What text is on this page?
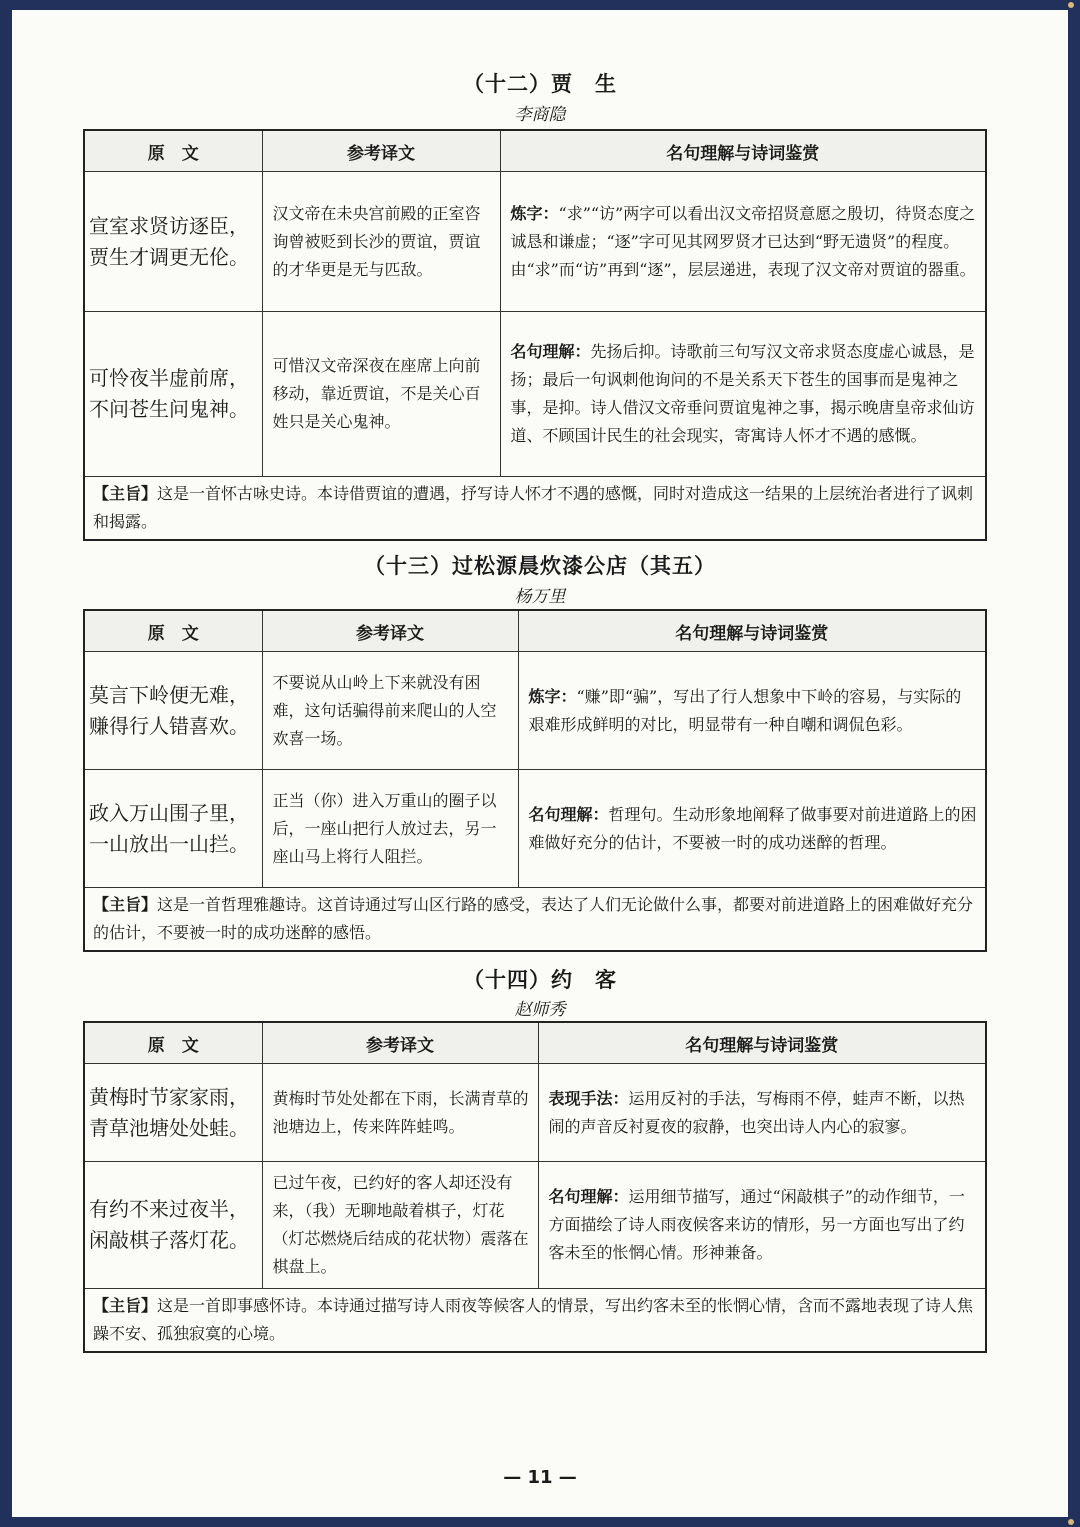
（十二）贾　生
李商隐
原　文	参考译文	名句理解与诗词鉴赏
宣室求贤访逐臣，贾生才调更无伦。	汉文帝在未央宫前殿的正室咨询曾被贬到长沙的贾谊，贾谊的才华更是无与匹敌。	炼字：“求”“访”两字可以看出汉文帝招贤意愿之殷切，待贤态度之诚恳和谦虚；“逐”字可见其网罗贤才已达到“野无遗贤”的程度。由“求”而“访”再到“逐”，层层递进，表现了汉文帝对贾谊的器重。
可怜夜半虚前席，不问苍生问鬼神。	可惜汉文帝深夜在座席上向前移动，靠近贾谊，不是关心百姓只是关心鬼神。	名句理解：先扬后抑。诗歌前三句写汉文帝求贤态度虚心诚恳，是扬；最后一句讽刺他询问的不是关系天下苍生的国事而是鬼神之事，是抑。诗人借汉文帝垂问贾谊鬼神之事，揭示晚唐皇帝求仙访道、不顾国计民生的社会现实，寄寓诗人怀才不遇的感慨。
【主旨】这是一首怀古咏史诗。本诗借贾谊的遭遇，抒写诗人怀才不遇的感慨，同时对造成这一结果的上层统治者进行了讽刺和揭露。		
（十三）过松源晨炊漆公店（其五）
杨万里
原　文	参考译文	名句理解与诗词鉴赏
莫言下岭便无难，赚得行人错喜欢。	不要说从山岭上下来就没有困难，这句话骗得前来爬山的人空欢喜一场。	炼字：“赚”即“骗”，写出了行人想象中下岭的容易，与实际的艰难形成鲜明的对比，明显带有一种自嘲和调侃色彩。
政入万山围子里，一山放出一山拦。	正当（你）进入万重山的圈子以后，一座山把行人放过去，另一座山马上将行人阻拦。	名句理解：哲理句。生动形象地阐释了做事要对前进道路上的困难做好充分的估计，不要被一时的成功迷醉的哲理。
【主旨】这是一首哲理雅趣诗。这首诗通过写山区行路的感受，表达了人们无论做什么事，都要对前进道路上的困难做好充分的估计，不要被一时的成功迷醉的感悟。		
（十四）约　客
赵师秀
原　文	参考译文	名句理解与诗词鉴赏
黄梅时节家家雨，青草池塘处处蛙。	黄梅时节处处都在下雨，长满青草的池塘边上，传来阵阵蛙鸣。	表现手法：运用反衬的手法，写梅雨不停，蛙声不断，以热闹的声音反衬夏夜的寂静，也突出诗人内心的寂寥。
有约不来过夜半，闲敲棋子落灯花。	已过午夜，已约好的客人却还没有来，（我）无聊地敲着棋子，灯花（灯芯燃烧后结成的花状物）震落在棋盘上。	名句理解：运用细节描写，通过“闲敲棋子”的动作细节，一方面描绘了诗人雨夜候客来访的情形，另一方面也写出了约客未至的怅惘心情。形神兼备。
【主旨】这是一首即事感怀诗。本诗通过描写诗人雨夜等候客人的情景，写出约客未至的怅惘心情，含而不露地表现了诗人焦躁不安、孤独寂寞的心境。		
— 11 —
